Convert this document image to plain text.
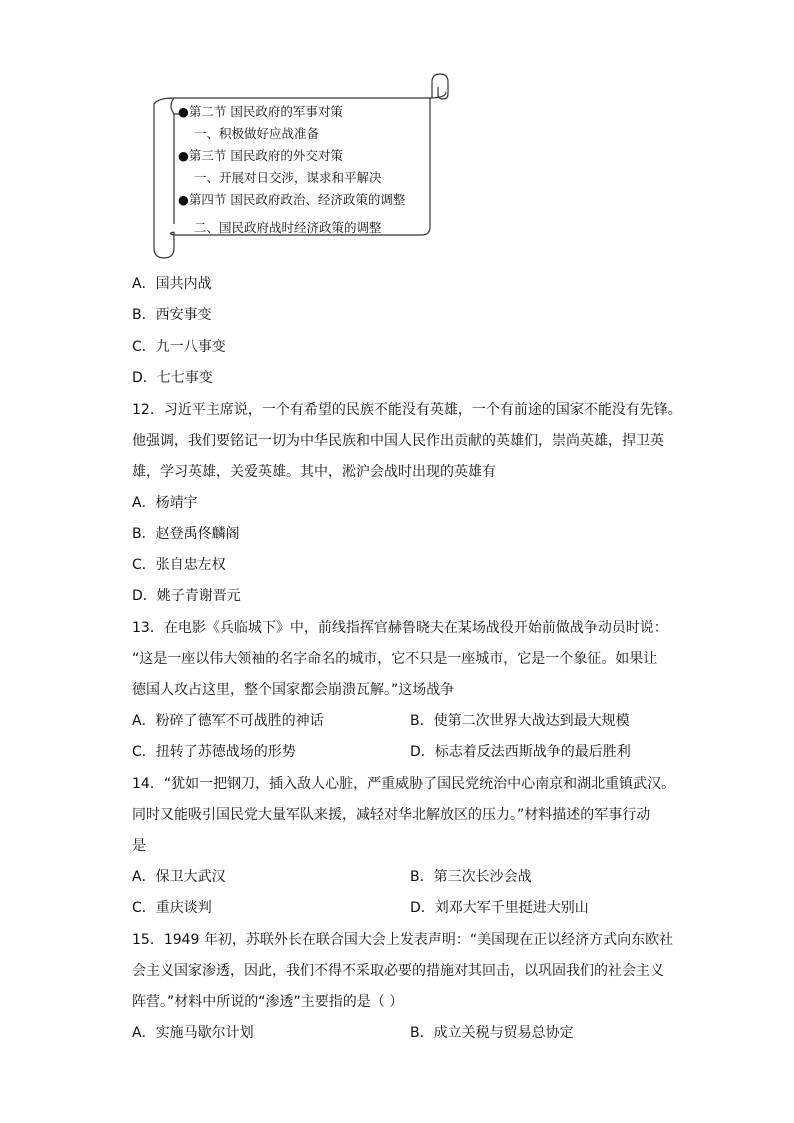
●第二节 国民政府的军事对策
一、积极做好应战准备
●第三节 国民政府的外交对策
一、开展对日交涉，谋求和平解决
●第四节 国民政府政治、经济政策的调整
二、国民政府战时经济政策的调整
A．国共内战
B．西安事变
C．九一八事变
D．七七事变
12．习近平主席说，一个有希望的民族不能没有英雄，一个有前途的国家不能没有先锋。
他强调，我们要铭记一切为中华民族和中国人民作出贡献的英雄们，崇尚英雄，捍卫英
雄，学习英雄，关爱英雄。其中，淞沪会战时出现的英雄有
A．杨靖宇
B．赵登禹佟麟阁
C．张自忠左权
D．姚子青谢晋元
13．在电影《兵临城下》中，前线指挥官赫鲁晓夫在某场战役开始前做战争动员时说：
“这是一座以伟大领袖的名字命名的城市，它不只是一座城市，它是一个象征。如果让
德国人攻占这里，整个国家都会崩溃瓦解。”这场战争
A．粉碎了德军不可战胜的神话	B．使第二次世界大战达到最大规模
C．扭转了苏德战场的形势	D．标志着反法西斯战争的最后胜利
14．“犹如一把钢刀，插入敌人心脏，严重威胁了国民党统治中心南京和湖北重镇武汉。
同时又能吸引国民党大量军队来援，减轻对华北解放区的压力。”材料描述的军事行动
是
A．保卫大武汉	B．第三次长沙会战
C．重庆谈判	D．刘邓大军千里挺进大别山
15．1949 年初，苏联外长在联合国大会上发表声明：“美国现在正以经济方式向东欧社
会主义国家渗透，因此，我们不得不采取必要的措施对其回击，以巩固我们的社会主义
阵营。”材料中所说的“渗透”主要指的是（ ）
A．实施马歇尔计划	B．成立关税与贸易总协定
